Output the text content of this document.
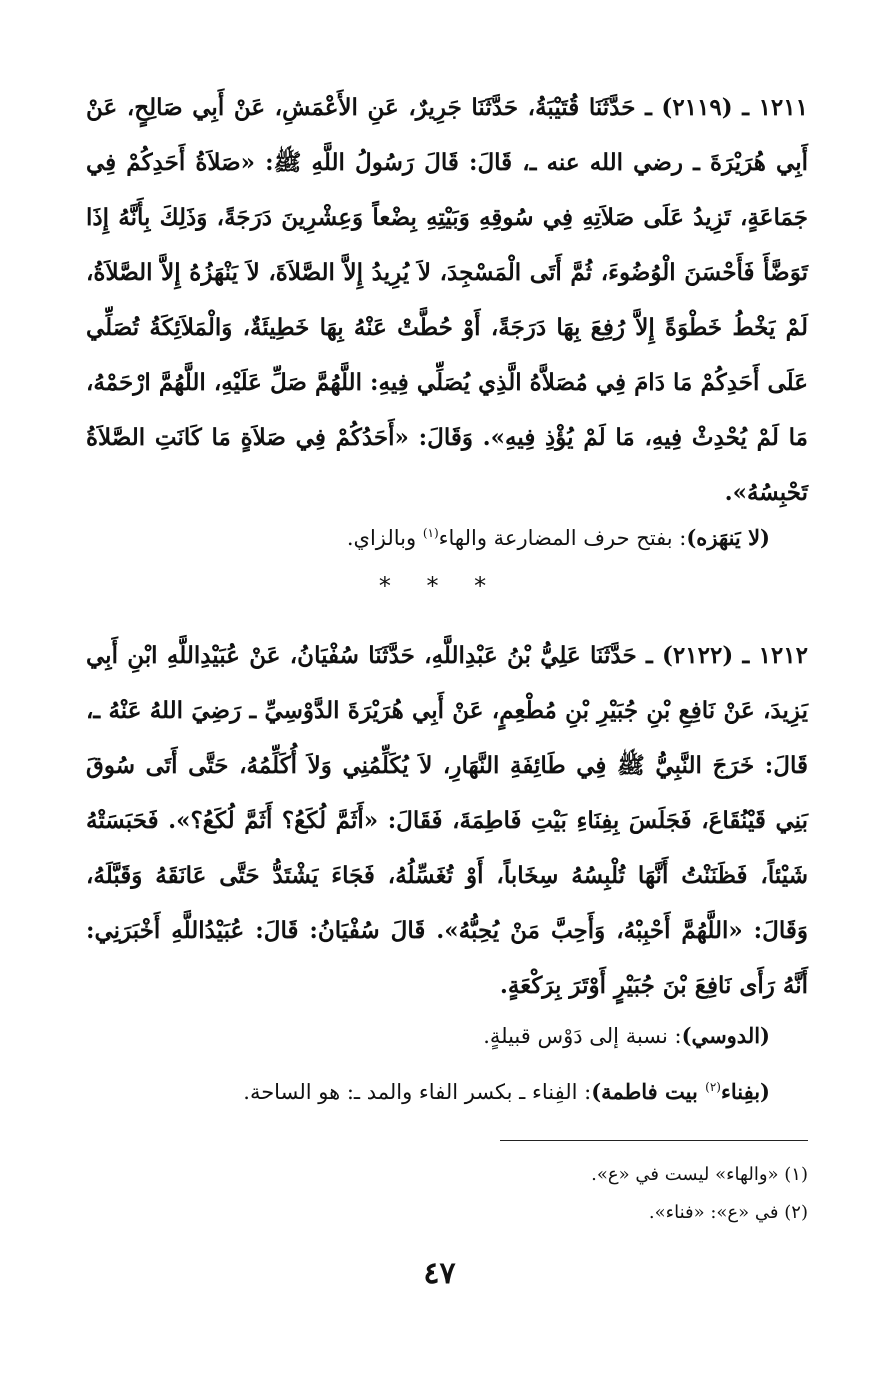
١٢١١ ـ (٢١١٩) ـ حَدَّثَنَا قُتَيْبَةُ، حَدَّثَنَا جَرِيرٌ، عَنِ الأَعْمَشِ، عَنْ أَبِي صَالِحٍ، عَنْ أَبِي هُرَيْرَةَ ـ رضي الله عنه ـ، قَالَ: قَالَ رَسُولُ اللَّهِ ﷺ: «صَلاَةُ أَحَدِكُمْ فِي جَمَاعَةٍ، تَزِيدُ عَلَى صَلاَتِهِ فِي سُوقِهِ وَبَيْتِهِ بِضْعاً وَعِشْرِينَ دَرَجَةً، وَذَلِكَ بِأَنَّهُ إِذَا تَوَضَّأَ فَأَحْسَنَ الْوُضُوءَ، ثُمَّ أَتَى الْمَسْجِدَ، لاَ يُرِيدُ إِلاَّ الصَّلاَةَ، لاَ يَنْهَزُهُ إِلاَّ الصَّلاَةُ، لَمْ يَخْطُ خَطْوَةً إِلاَّ رُفِعَ بِهَا دَرَجَةً، أَوْ حُطَّتْ عَنْهُ بِهَا خَطِيئَةٌ، وَالْمَلاَئِكَةُ تُصَلِّي عَلَى أَحَدِكُمْ مَا دَامَ فِي مُصَلاَّهُ الَّذِي يُصَلِّي فِيهِ: اللَّهُمَّ صَلِّ عَلَيْهِ، اللَّهُمَّ ارْحَمْهُ، مَا لَمْ يُحْدِثْ فِيهِ، مَا لَمْ يُؤْذِ فِيهِ». وَقَالَ: «أَحَدُكُمْ فِي صَلاَةٍ مَا كَانَتِ الصَّلاَةُ تَحْبِسُهُ».

(لا يَنهَزه): بفتح حرف المضارعة والهاء$^{(١)}$ وبالزاي.
* * *

١٢١٢ ـ (٢١٢٢) ـ حَدَّثَنَا عَلِيُّ بْنُ عَبْدِاللَّهِ، حَدَّثَنَا سُفْيَانُ، عَنْ عُبَيْدِاللَّهِ ابْنِ أَبِي يَزِيدَ، عَنْ نَافِعِ بْنِ جُبَيْرِ بْنِ مُطْعِمٍ، عَنْ أَبِي هُرَيْرَةَ الدَّوْسِيِّ ـ رَضِيَ اللهُ عَنْهُ ـ، قَالَ: خَرَجَ النَّبِيُّ ﷺ فِي طَائِفَةِ النَّهَارِ، لاَ يُكَلِّمُنِي وَلاَ أُكَلِّمُهُ، حَتَّى أَتَى سُوقَ بَنِي قَيْنُقَاعَ، فَجَلَسَ بِفِنَاءِ بَيْتِ فَاطِمَةَ، فَقَالَ: «أَثَمَّ لُكَعُ؟ أَثَمَّ لُكَعُ؟». فَحَبَسَتْهُ شَيْئاً، فَظَنَنْتُ أَنَّهَا تُلْبِسُهُ سِخَاباً، أَوْ تُغَسِّلُهُ، فَجَاءَ يَشْتَدُّ حَتَّى عَانَقَهُ وَقَبَّلَهُ، وَقَالَ: «اللَّهُمَّ أَحْبِبْهُ، وَأَحِبَّ مَنْ يُحِبُّهُ». قَالَ سُفْيَانُ: قَالَ: عُبَيْدُاللَّهِ أَخْبَرَنِي: أَنَّهُ رَأَى نَافِعَ بْنَ جُبَيْرٍ أَوْتَرَ بِرَكْعَةٍ.

(الدوسي): نسبة إلى دَوْس قبيلةٍ.
(بفِناء$^{(٢)}$ بيت فاطمة): الفِناء ـ بكسر الفاء والمد ـ: هو الساحة.
(١) «والهاء» ليست في «ع».
(٢) في «ع»: «فناء».
٤٧
